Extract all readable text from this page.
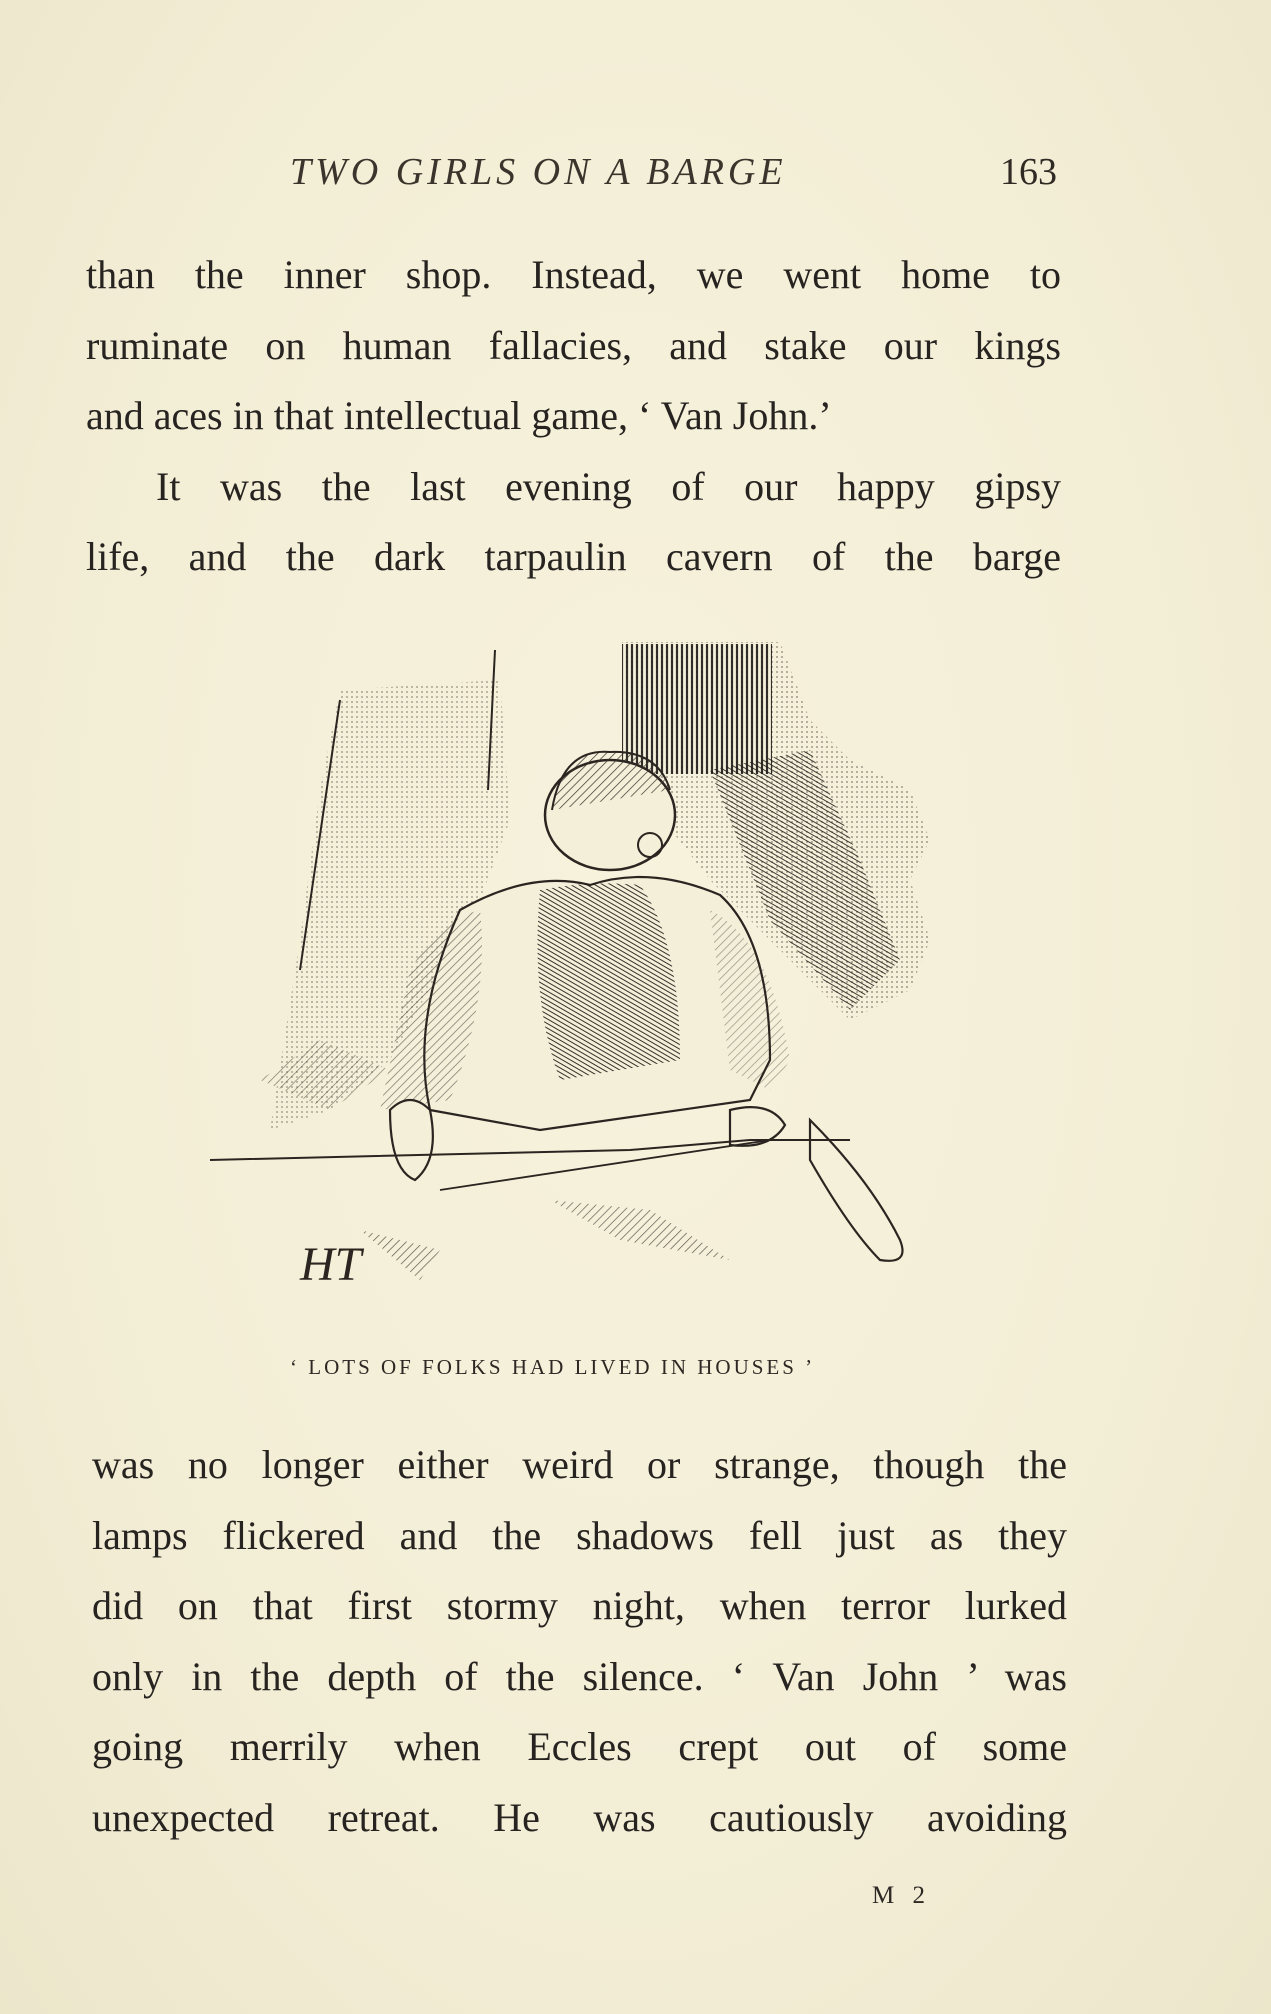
TWO GIRLS ON A BARGE	163
than the inner shop. Instead, we went home to
ruminate on human fallacies, and stake our kings
and aces in that intellectual game, ‘ Van John.’
It was the last evening of our happy gipsy
life, and the dark tarpaulin cavern of the barge
HT
‘ LOTS OF FOLKS HAD LIVED IN HOUSES ’
was no longer either weird or strange, though the
lamps flickered and the shadows fell just as they
did on that first stormy night, when terror lurked
only in the depth of the silence. ‘ Van John ’ was
going merrily when Eccles crept out of some
unexpected retreat. He was cautiously avoiding
M 2
